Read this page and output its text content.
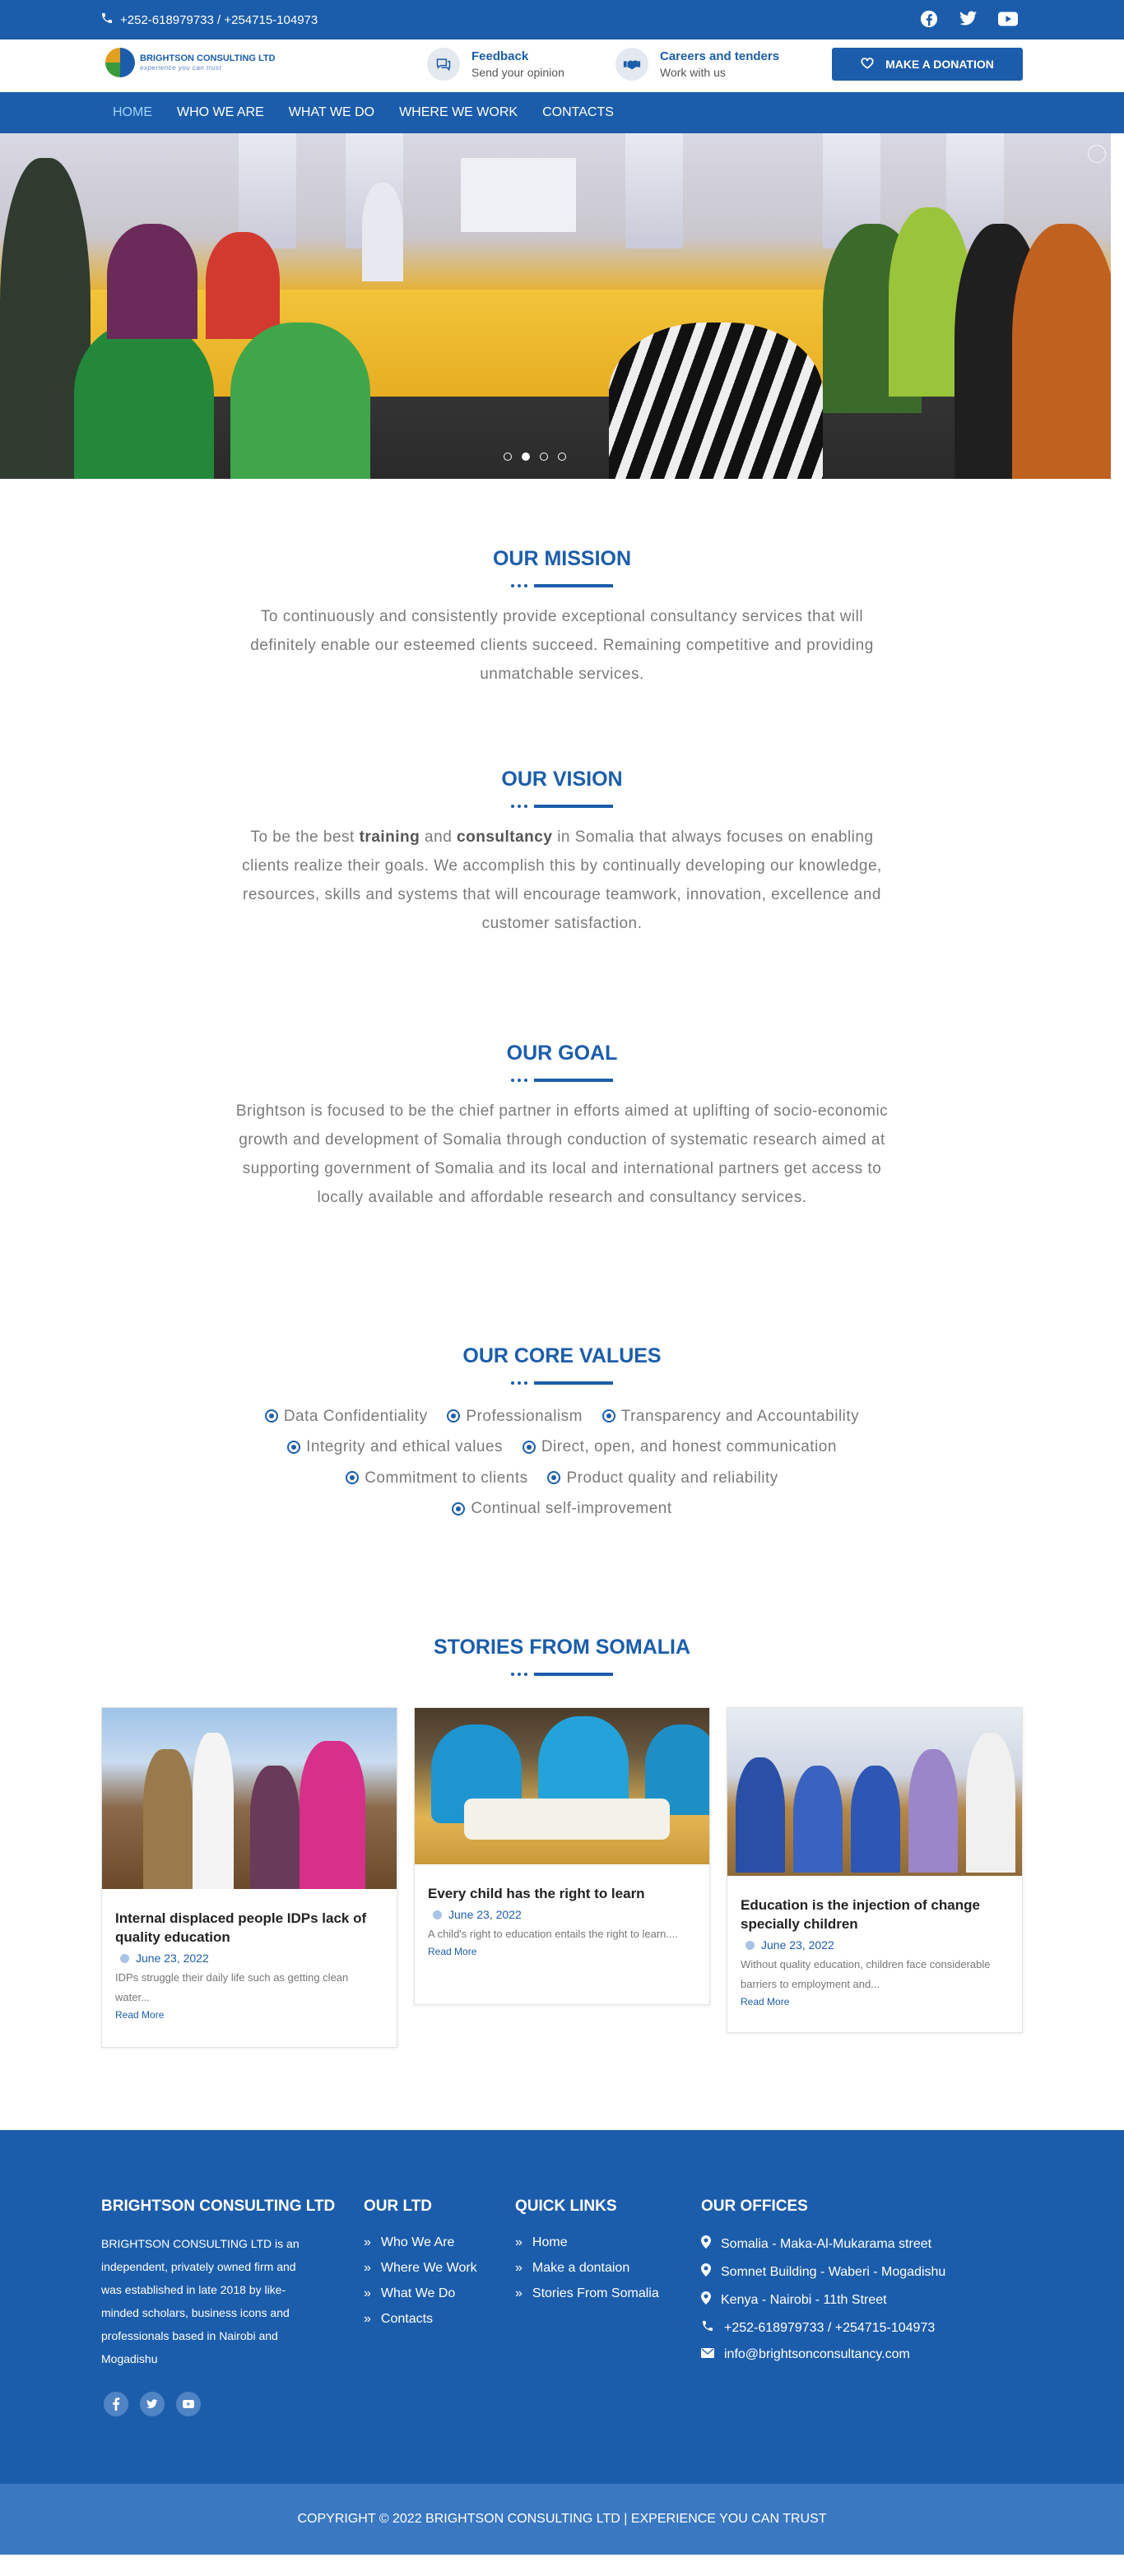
+252-618979733 / +254715-104973
BRIGHTSON CONSULTING LTD
experience you can trust
Feedback
Send your opinion
Careers and tenders
Work with us
MAKE A DONATION
HOME WHO WE ARE WHAT WE DO WHERE WE WORK CONTACTS
OUR MISSION

To continuously and consistently provide exceptional consultancy services that will definitely enable our esteemed clients succeed. Remaining competitive and providing unmatchable services.

OUR VISION

To be the best training and consultancy in Somalia that always focuses on enabling clients realize their goals. We accomplish this by continually developing our knowledge, resources, skills and systems that will encourage teamwork, innovation, excellence and customer satisfaction.

OUR GOAL

Brightson is focused to be the chief partner in efforts aimed at uplifting of socio-economic growth and development of Somalia through conduction of systematic research aimed at supporting government of Somalia and its local and international partners get access to locally available and affordable research and consultancy services.

OUR CORE VALUES
Data Confidentiality
Professionalism
Transparency and Accountability

Integrity and ethical values
Direct, open, and honest communication

Commitment to clients
Product quality and reliability

Continual self-improvement
STORIES FROM SOMALIA
Internal displaced people IDPs lack of quality education
June 23, 2022
IDPs struggle their daily life such as getting clean water...
Read More
Every child has the right to learn
June 23, 2022
A child's right to education entails the right to learn....
Read More
Education is the injection of change specially children
June 23, 2022
Without quality education, children face considerable barriers to employment and...
Read More
BRIGHTSON CONSULTING LTD
BRIGHTSON CONSULTING LTD is an independent, privately owned firm and was established in late 2018 by like-minded scholars, business icons and professionals based in Nairobi and Mogadishu
OUR LTD
» Who We Are
» Where We Work
» What We Do
» Contacts
QUICK LINKS
» Home
» Make a dontaion
» Stories From Somalia
OUR OFFICES
Somalia - Maka-Al-Mukarama street
Somnet Building - Waberi - Mogadishu
Kenya - Nairobi - 11th Street
+252-618979733 / +254715-104973
info@brightsonconsultancy.com
COPYRIGHT © 2022 BRIGHTSON CONSULTING LTD | EXPERIENCE YOU CAN TRUST
